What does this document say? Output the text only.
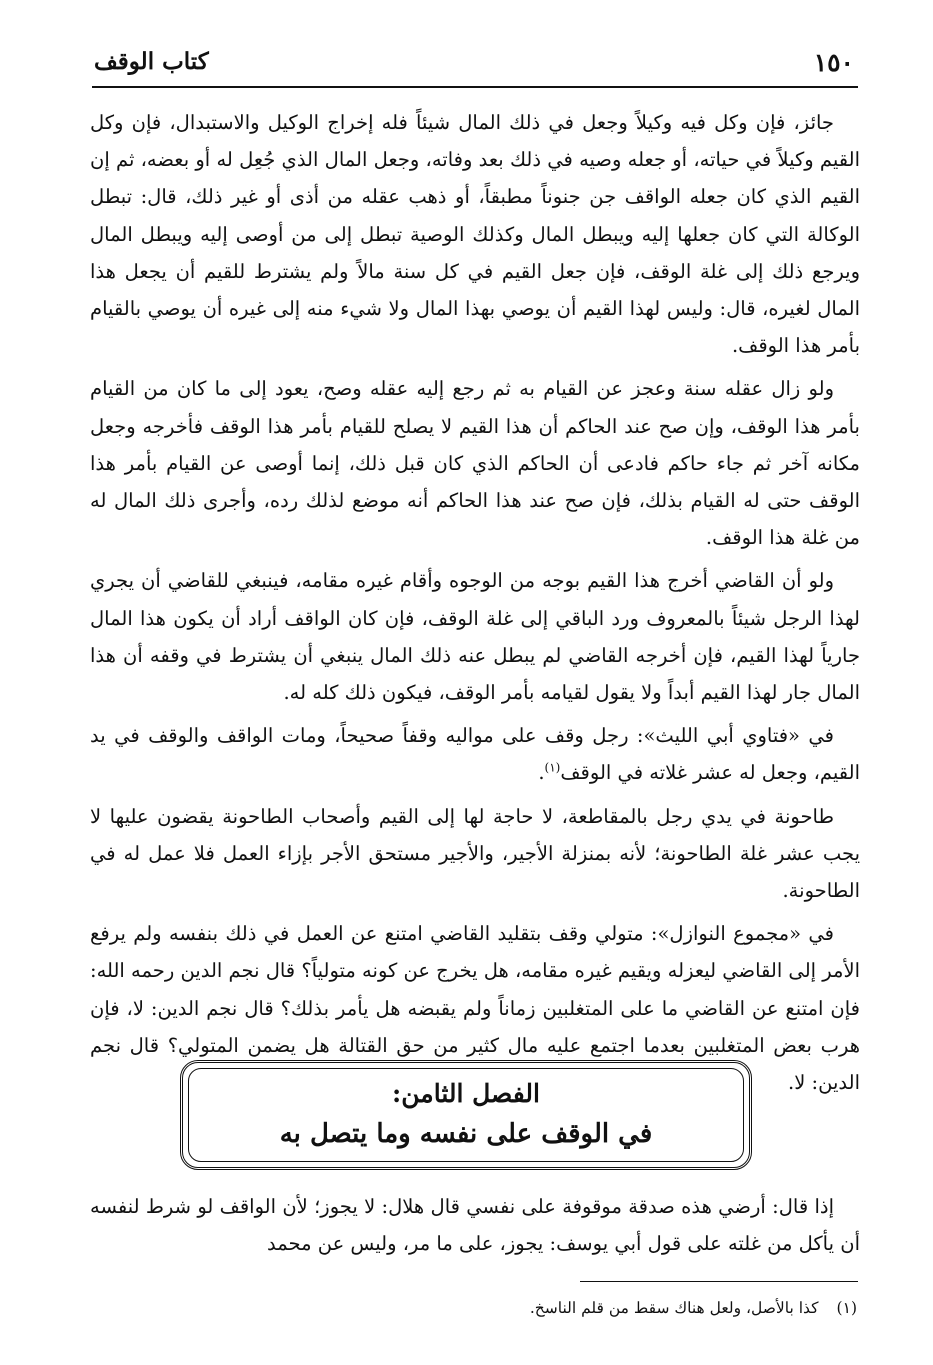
١٥٠
كتاب الوقف

جائز، فإن وكل فيه وكيلاً وجعل في ذلك المال شيئاً فله إخراج الوكيل والاستبدال، فإن وكل القيم وكيلاً في حياته، أو جعله وصيه في ذلك بعد وفاته، وجعل المال الذي جُعِل له أو بعضه، ثم إن القيم الذي كان جعله الواقف جن جنوناً مطبقاً، أو ذهب عقله من أذى أو غير ذلك، قال: تبطل الوكالة التي كان جعلها إليه ويبطل المال وكذلك الوصية تبطل إلى من أوصى إليه ويبطل المال ويرجع ذلك إلى غلة الوقف، فإن جعل القيم في كل سنة مالاً ولم يشترط للقيم أن يجعل هذا المال لغيره، قال: وليس لهذا القيم أن يوصي بهذا المال ولا شيء منه إلى غيره أن يوصي بالقيام بأمر هذا الوقف.

ولو زال عقله سنة وعجز عن القيام به ثم رجع إليه عقله وصح، يعود إلى ما كان من القيام بأمر هذا الوقف، وإن صح عند الحاكم أن هذا القيم لا يصلح للقيام بأمر هذا الوقف فأخرجه وجعل مكانه آخر ثم جاء حاكم فادعى أن الحاكم الذي كان قبل ذلك، إنما أوصى عن القيام بأمر هذا الوقف حتى له القيام بذلك، فإن صح عند هذا الحاكم أنه موضع لذلك رده، وأجرى ذلك المال له من غلة هذا الوقف.

ولو أن القاضي أخرج هذا القيم بوجه من الوجوه وأقام غيره مقامه، فينبغي للقاضي أن يجري لهذا الرجل شيئاً بالمعروف ورد الباقي إلى غلة الوقف، فإن كان الواقف أراد أن يكون هذا المال جارياً لهذا القيم، فإن أخرجه القاضي لم يبطل عنه ذلك المال ينبغي أن يشترط في وقفه أن هذا المال جار لهذا القيم أبداً ولا يقول لقيامه بأمر الوقف، فيكون ذلك كله له.

في «فتاوي أبي الليث»: رجل وقف على مواليه وقفاً صحيحاً، ومات الواقف والوقف في يد القيم، وجعل له عشر غلاته في الوقف$^{(١)}$.

طاحونة في يدي رجل بالمقاطعة، لا حاجة لها إلى القيم وأصحاب الطاحونة يقضون عليها لا يجب عشر غلة الطاحونة؛ لأنه بمنزلة الأجير، والأجير مستحق الأجر بإزاء العمل فلا عمل له في الطاحونة.

في «مجموع النوازل»: متولي وقف بتقليد القاضي امتنع عن العمل في ذلك بنفسه ولم يرفع الأمر إلى القاضي ليعزله ويقيم غيره مقامه، هل يخرج عن كونه متولياً؟ قال نجم الدين رحمه الله: فإن امتنع عن القاضي ما على المتغلبين زماناً ولم يقبضه هل يأمر بذلك؟ قال نجم الدين: لا، فإن هرب بعض المتغلبين بعدما اجتمع عليه مال كثير من حق القتالة هل يضمن المتولي؟ قال نجم الدين: لا.

الفصل الثامن:
في الوقف على نفسه وما يتصل به

إذا قال: أرضي هذه صدقة موقوفة على نفسي قال هلال: لا يجوز؛ لأن الواقف لو شرط لنفسه أن يأكل من غلته على قول أبي يوسف: يجوز، على ما مر، وليس عن محمد

(١)كذا بالأصل، ولعل هناك سقط من قلم الناسخ.
